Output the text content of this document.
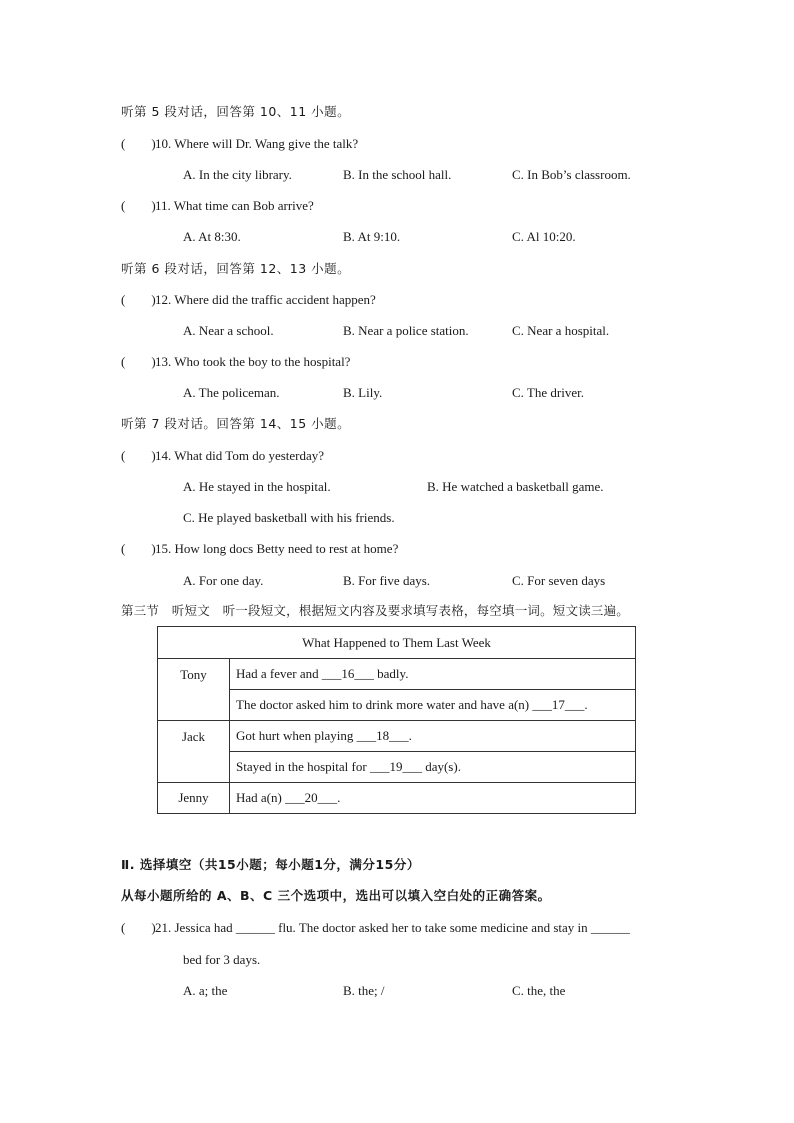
听第 5 段对话，回答第 10、11 小题。
(　　)10. Where will Dr. Wang give the talk?
A. In the city library.	B. In the school hall.	C. In Bob’s classroom.
(　　)11. What time can Bob arrive?
A. At 8:30.	B. At 9:10.	C. Al 10:20.
听第 6 段对话，回答第 12、13 小题。
(　　)12. Where did the traffic accident happen?
A. Near a school.	B. Near a police station.	C. Near a hospital.
(　　)13. Who took the boy to the hospital?
A. The policeman.	B. Lily.	C. The driver.
听第 7 段对话。回答第 14、15 小题。
(　　)14. What did Tom do yesterday?
A. He stayed in the hospital.	B. He watched a basketball game.
C. He played basketball with his friends.
(　　)15. How long docs Betty need to rest at home?
A. For one day.	B. For five days.	C. For seven days
第三节　听短文　听一段短文，根据短文内容及要求填写表格，每空填一词。短文读三遍。
What Happened to Them Last Week	
Tony	Had a fever and ___16___ badly.
	The doctor asked him to drink more water and have a(n) ___17___.
Jack	Got hurt when playing ___18___.
	Stayed in the hospital for ___19___ day(s).
Jenny	Had a(n) ___20___.
Ⅱ. 选择填空（共15小题；每小题1分，满分15分）
从每小题所给的 A、B、C 三个选项中，选出可以填入空白处的正确答案。
(　　)21. Jessica had ______ flu. The doctor asked her to take some medicine and stay in ______
bed for 3 days.
A. a; the	B. the; /	C. the, the
